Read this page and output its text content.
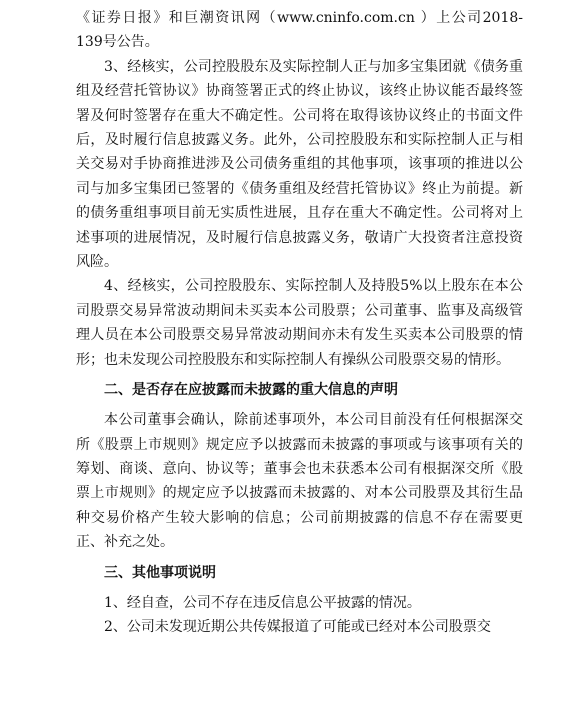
《证券日报》和巨潮资讯网（www.cninfo.com.cn ）上公司2018-139号公告。

3、经核实，公司控股股东及实际控制人正与加多宝集团就《债务重组及经营托管协议》协商签署正式的终止协议，该终止协议能否最终签署及何时签署存在重大不确定性。公司将在取得该协议终止的书面文件后，及时履行信息披露义务。此外，公司控股股东和实际控制人正与相关交易对手协商推进涉及公司债务重组的其他事项，该事项的推进以公司与加多宝集团已签署的《债务重组及经营托管协议》终止为前提。新的债务重组事项目前无实质性进展，且存在重大不确定性。公司将对上述事项的进展情况，及时履行信息披露义务，敬请广大投资者注意投资风险。

4、经核实，公司控股股东、实际控制人及持股5%以上股东在本公司股票交易异常波动期间未买卖本公司股票；公司董事、监事及高级管理人员在本公司股票交易异常波动期间亦未有发生买卖本公司股票的情形；也未发现公司控股股东和实际控制人有操纵公司股票交易的情形。

二、是否存在应披露而未披露的重大信息的声明

本公司董事会确认，除前述事项外，本公司目前没有任何根据深交所《股票上市规则》规定应予以披露而未披露的事项或与该事项有关的筹划、商谈、意向、协议等；董事会也未获悉本公司有根据深交所《股票上市规则》的规定应予以披露而未披露的、对本公司股票及其衍生品种交易价格产生较大影响的信息；公司前期披露的信息不存在需要更正、补充之处。

三、其他事项说明

1、经自查，公司不存在违反信息公平披露的情况。

2、公司未发现近期公共传媒报道了可能或已经对本公司股票交
